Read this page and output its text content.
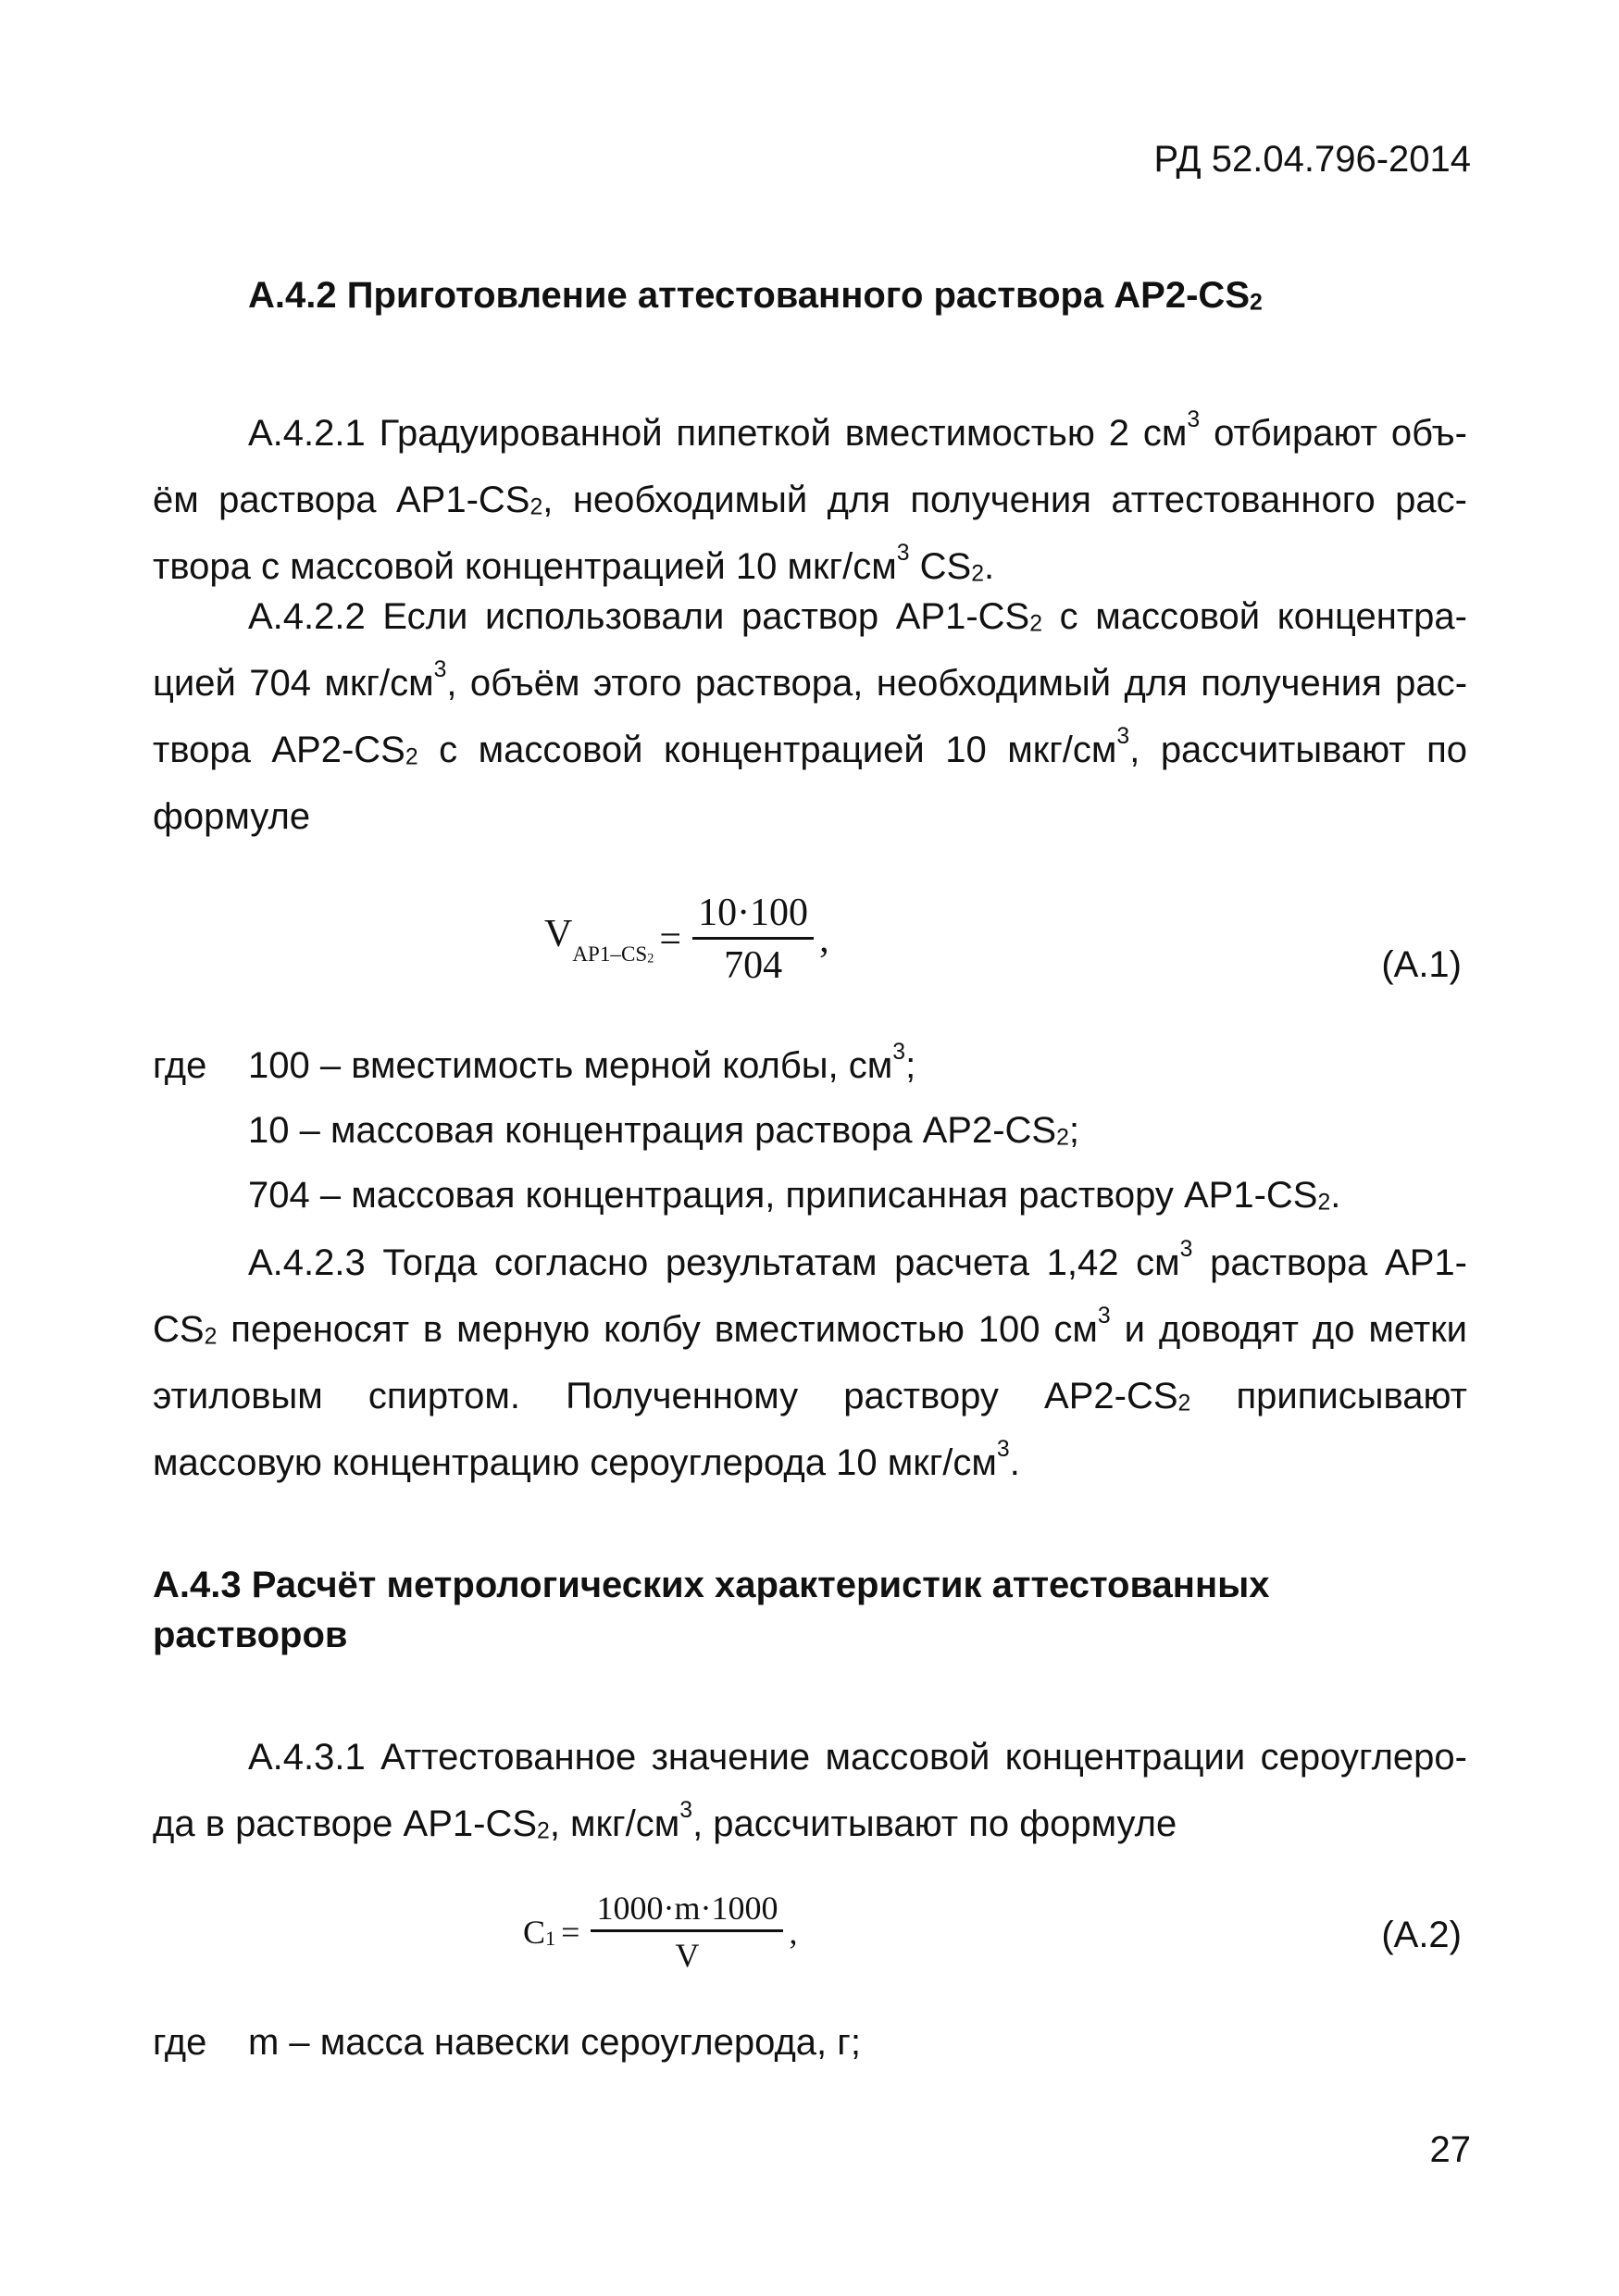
РД 52.04.796-2014
А.4.2 Приготовление аттестованного раствора $АР2-CS_2$
А.4.2.1 Градуированной пипеткой вместимостью 2 $см^3$ отбирают объём раствора $АР1-CS_2$, необходимый для получения аттестованного раствора с массовой концентрацией 10 мкг/$см^3$ $CS_2$.
А.4.2.2 Если использовали раствор $АР1-CS_2$ с массовой концентрацией 704 мкг/$см^3$, объём этого раствора, необходимый для получения раствора $АР2-CS_2$ с массовой концентрацией 10 мкг/$см^3$, рассчитывают по формуле
$V_{AP1-CS_2} = \frac{10\cdot 100}{704}$ ,
(А.1)
где 100 – вместимость мерной колбы, $см^3$;
10 – массовая концентрация раствора $АР2-CS_2$;
704 – массовая концентрация, приписанная раствору $АР1-CS_2$.
А.4.2.3 Тогда согласно результатам расчета 1,42 $см^3$ раствора $АР1-CS_2$ переносят в мерную колбу вместимостью 100 $см^3$ и доводят до метки этиловым спиртом. Полученному раствору $АР2-CS_2$ приписывают массовую концентрацию сероуглерода 10 мкг/$см^3$.
А.4.3 Расчёт метрологических характеристик аттестованных растворов
А.4.3.1 Аттестованное значение массовой концентрации сероуглерода в растворе $АР1-CS_2$, мкг/$см^3$, рассчитывают по формуле
$C_1 = \frac{1000\cdot m\cdot 1000}{V}$ ,	(А.2)
где m – масса навески сероуглерода, г;
27
